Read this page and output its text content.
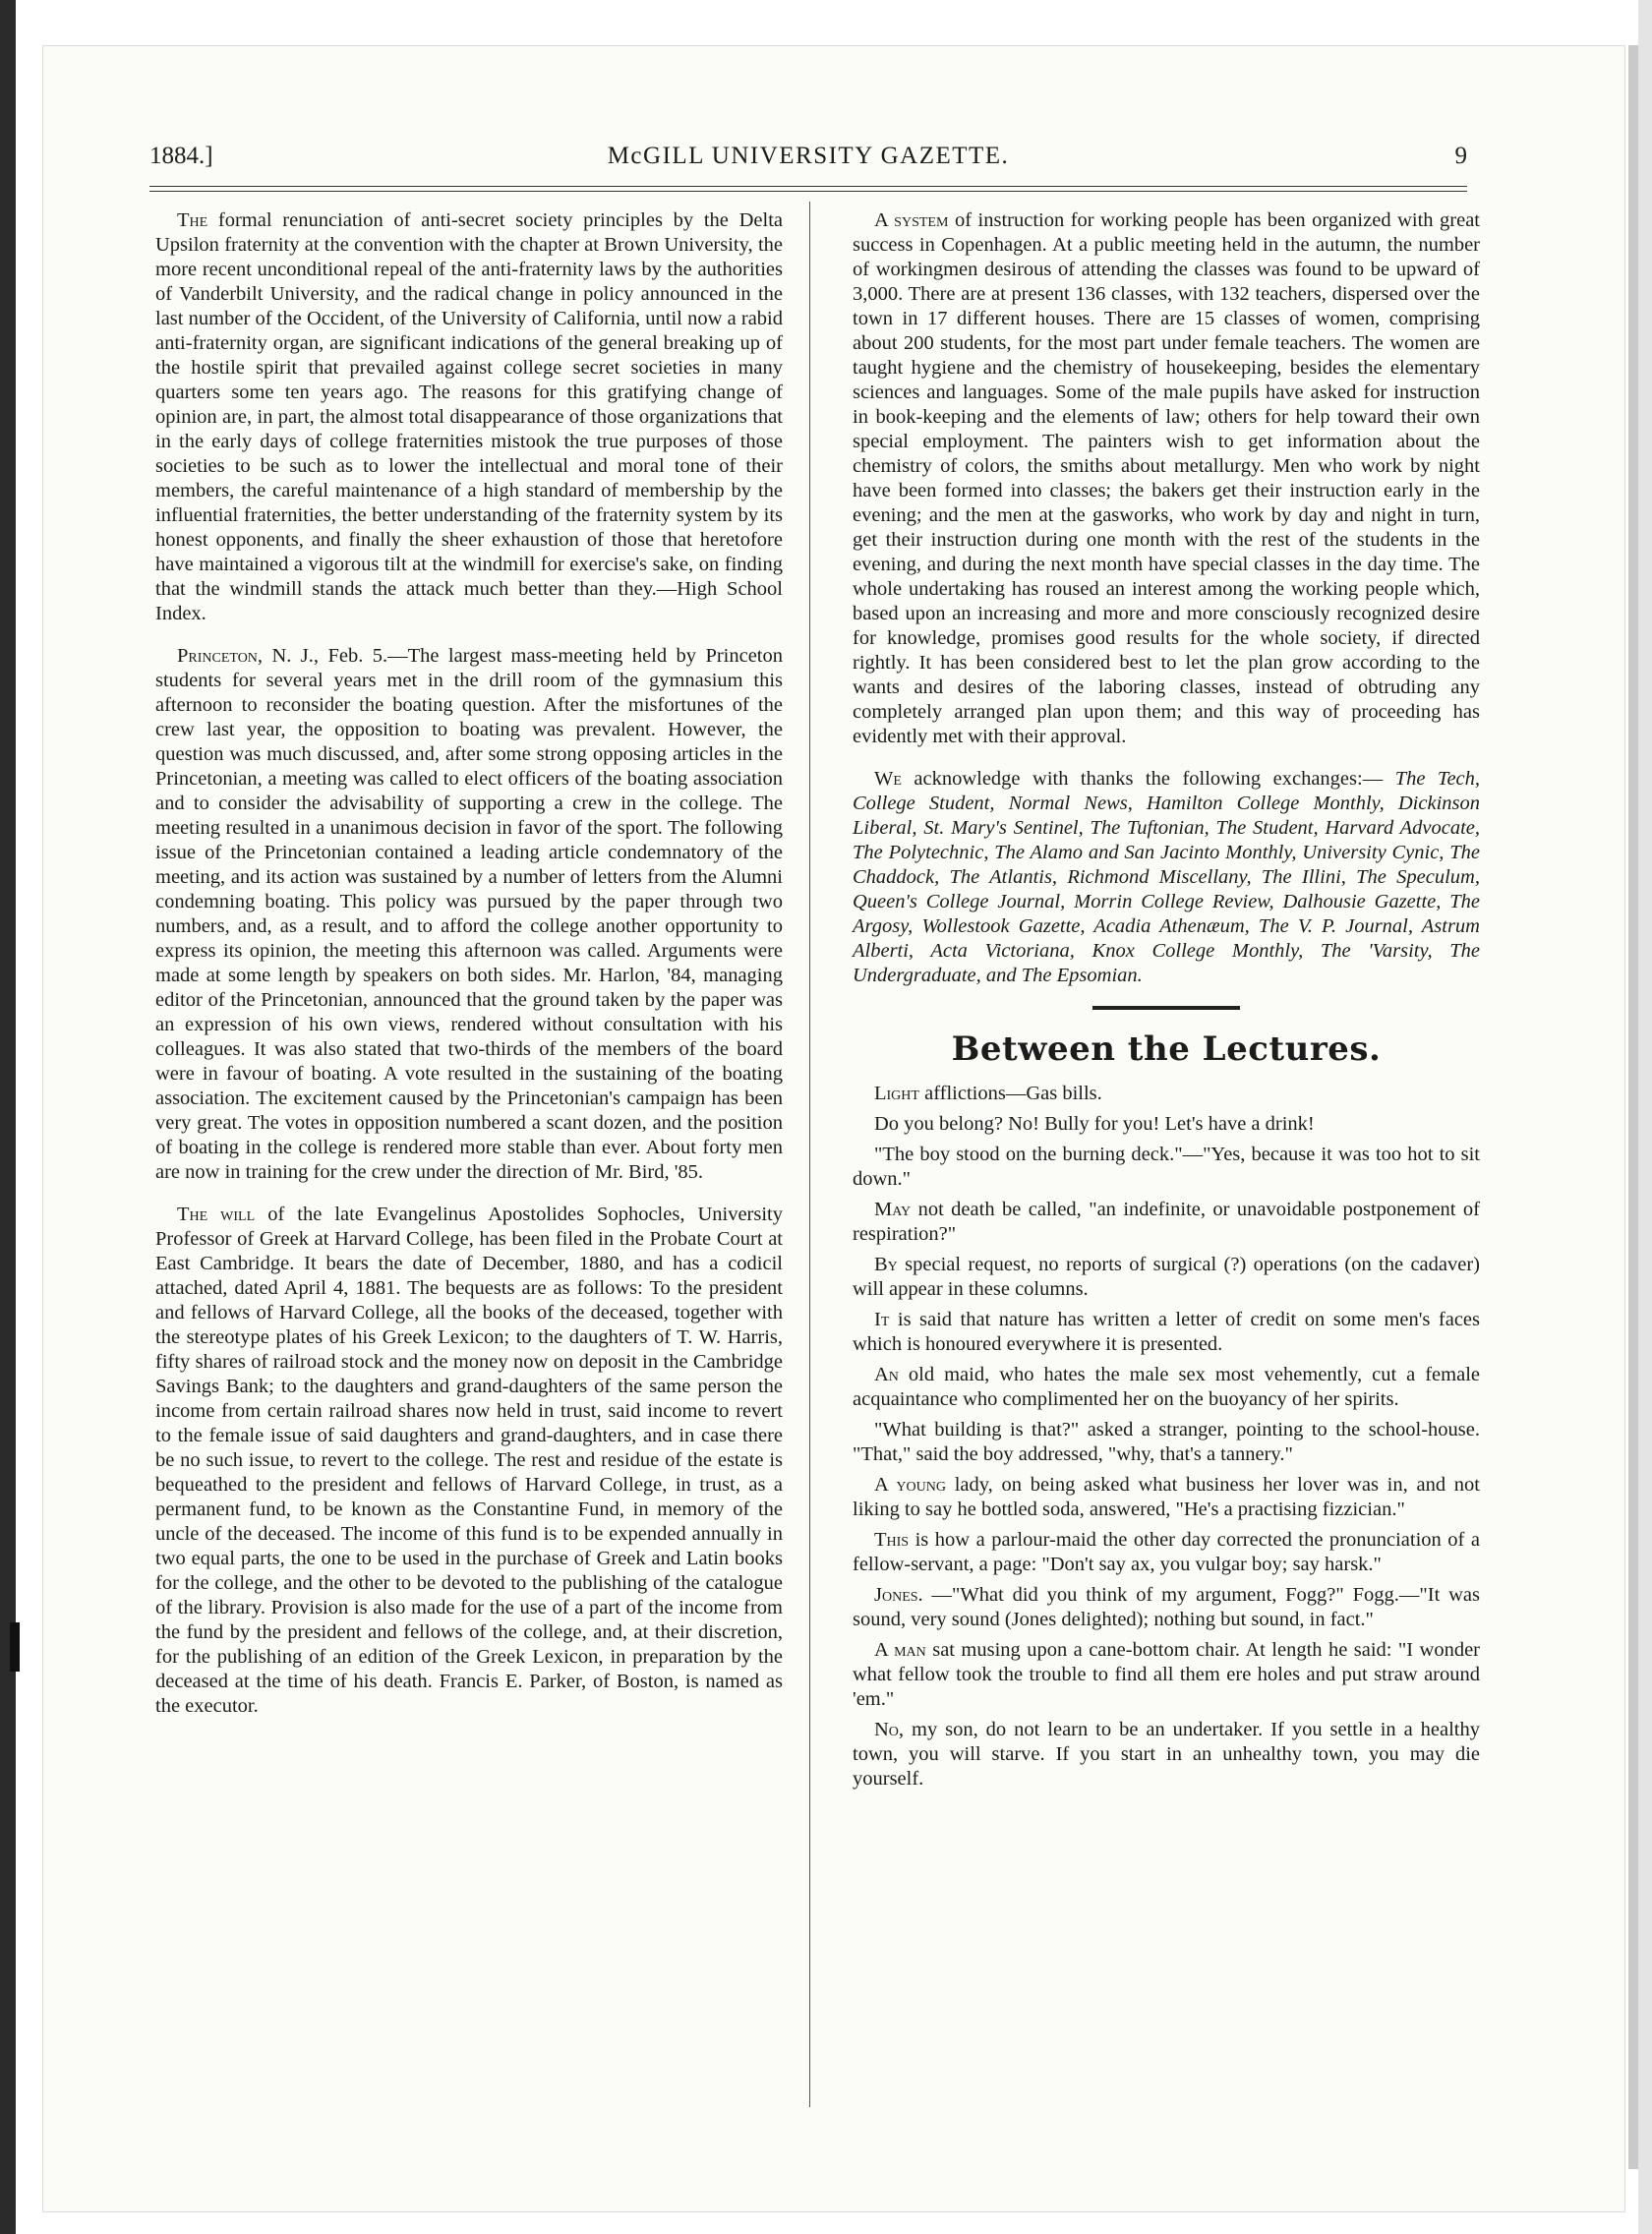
1884.]	McGILL UNIVERSITY GAZETTE.	9

The formal renunciation of anti-secret society principles by the Delta Upsilon fraternity at the convention with the chapter at Brown University, the more recent unconditional repeal of the anti-fraternity laws by the authorities of Vanderbilt University, and the radical change in policy announced in the last number of the Occident, of the University of California, until now a rabid anti-fraternity organ, are significant indications of the general breaking up of the hostile spirit that prevailed against college secret societies in many quarters some ten years ago. The reasons for this gratifying change of opinion are, in part, the almost total disappearance of those organizations that in the early days of college fraternities mistook the true purposes of those societies to be such as to lower the intellectual and moral tone of their members, the careful maintenance of a high standard of membership by the influential fraternities, the better understanding of the fraternity system by its honest opponents, and finally the sheer exhaustion of those that heretofore have maintained a vigorous tilt at the windmill for exercise's sake, on finding that the windmill stands the attack much better than they.—High School Index.

Princeton, N. J., Feb. 5.—The largest mass-meeting held by Princeton students for several years met in the drill room of the gymnasium this afternoon to reconsider the boating question. After the misfortunes of the crew last year, the opposition to boating was prevalent. However, the question was much discussed, and, after some strong opposing articles in the Princetonian, a meeting was called to elect officers of the boating association and to consider the advisability of supporting a crew in the college. The meeting resulted in a unanimous decision in favor of the sport. The following issue of the Princetonian contained a leading article condemnatory of the meeting, and its action was sustained by a number of letters from the Alumni condemning boating. This policy was pursued by the paper through two numbers, and, as a result, and to afford the college another opportunity to express its opinion, the meeting this afternoon was called. Arguments were made at some length by speakers on both sides. Mr. Harlon, '84, managing editor of the Princetonian, announced that the ground taken by the paper was an expression of his own views, rendered without consultation with his colleagues. It was also stated that two-thirds of the members of the board were in favour of boating. A vote resulted in the sustaining of the boating association. The excitement caused by the Princetonian's campaign has been very great. The votes in opposition numbered a scant dozen, and the position of boating in the college is rendered more stable than ever. About forty men are now in training for the crew under the direction of Mr. Bird, '85.

The will of the late Evangelinus Apostolides Sophocles, University Professor of Greek at Harvard College, has been filed in the Probate Court at East Cambridge. It bears the date of December, 1880, and has a codicil attached, dated April 4, 1881. The bequests are as follows: To the president and fellows of Harvard College, all the books of the deceased, together with the stereotype plates of his Greek Lexicon; to the daughters of T. W. Harris, fifty shares of railroad stock and the money now on deposit in the Cambridge Savings Bank; to the daughters and grand-daughters of the same person the income from certain railroad shares now held in trust, said income to revert to the female issue of said daughters and grand-daughters, and in case there be no such issue, to revert to the college. The rest and residue of the estate is bequeathed to the president and fellows of Harvard College, in trust, as a permanent fund, to be known as the Constantine Fund, in memory of the uncle of the deceased. The income of this fund is to be expended annually in two equal parts, the one to be used in the purchase of Greek and Latin books for the college, and the other to be devoted to the publishing of the catalogue of the library. Provision is also made for the use of a part of the income from the fund by the president and fellows of the college, and, at their discretion, for the publishing of an edition of the Greek Lexicon, in preparation by the deceased at the time of his death. Francis E. Parker, of Boston, is named as the executor.

A system of instruction for working people has been organized with great success in Copenhagen. At a public meeting held in the autumn, the number of workingmen desirous of attending the classes was found to be upward of 3,000. There are at present 136 classes, with 132 teachers, dispersed over the town in 17 different houses. There are 15 classes of women, comprising about 200 students, for the most part under female teachers. The women are taught hygiene and the chemistry of housekeeping, besides the elementary sciences and languages. Some of the male pupils have asked for instruction in book-keeping and the elements of law; others for help toward their own special employment. The painters wish to get information about the chemistry of colors, the smiths about metallurgy. Men who work by night have been formed into classes; the bakers get their instruction early in the evening; and the men at the gasworks, who work by day and night in turn, get their instruction during one month with the rest of the students in the evening, and during the next month have special classes in the day time. The whole undertaking has roused an interest among the working people which, based upon an increasing and more and more consciously recognized desire for knowledge, promises good results for the whole society, if directed rightly. It has been considered best to let the plan grow according to the wants and desires of the laboring classes, instead of obtruding any completely arranged plan upon them; and this way of proceeding has evidently met with their approval.

We acknowledge with thanks the following exchanges:— The Tech, College Student, Normal News, Hamilton College Monthly, Dickinson Liberal, St. Mary's Sentinel, The Tuftonian, The Student, Harvard Advocate, The Polytechnic, The Alamo and San Jacinto Monthly, University Cynic, The Chaddock, The Atlantis, Richmond Miscellany, The Illini, The Speculum, Queen's College Journal, Morrin College Review, Dalhousie Gazette, The Argosy, Wollestook Gazette, Acadia Athenæum, The V. P. Journal, Astrum Alberti, Acta Victoriana, Knox College Monthly, The 'Varsity, The Undergraduate, and The Epsomian.

Between the Lectures.

Light afflictions—Gas bills.

Do you belong? No! Bully for you! Let's have a drink!

"The boy stood on the burning deck."—"Yes, because it was too hot to sit down."

May not death be called, "an indefinite, or unavoidable postponement of respiration?"

By special request, no reports of surgical (?) operations (on the cadaver) will appear in these columns.

It is said that nature has written a letter of credit on some men's faces which is honoured everywhere it is presented.

An old maid, who hates the male sex most vehemently, cut a female acquaintance who complimented her on the buoyancy of her spirits.

"What building is that?" asked a stranger, pointing to the school-house. "That," said the boy addressed, "why, that's a tannery."

A young lady, on being asked what business her lover was in, and not liking to say he bottled soda, answered, "He's a practising fizzician."

This is how a parlour-maid the other day corrected the pronunciation of a fellow-servant, a page: "Don't say ax, you vulgar boy; say harsk."

Jones. —"What did you think of my argument, Fogg?" Fogg.—"It was sound, very sound (Jones delighted); nothing but sound, in fact."

A man sat musing upon a cane-bottom chair. At length he said: "I wonder what fellow took the trouble to find all them ere holes and put straw around 'em."

No, my son, do not learn to be an undertaker. If you settle in a healthy town, you will starve. If you start in an unhealthy town, you may die yourself.
